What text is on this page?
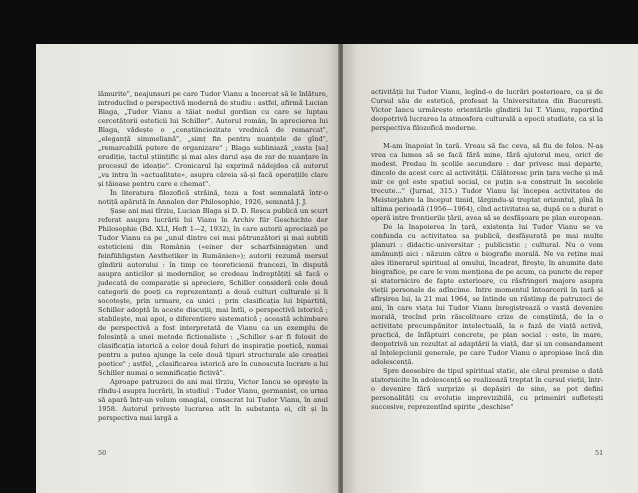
lămurite", neajunsuri pe care Tudor Vianu a încercat să le înlăture, introducînd o perspectivă modernă de studiu : astfel, afirmă Lucian Blaga, „Tudor Vianu a tăiat nodul gordian cu care se luptau cercetătorii esteticii lui Schiller". Autorul român, în aprecierea lui Blaga, vădește o „conștiinciozitate vrednică de remarcat", „eleganță simmeliană", „simț fin pentru nuanțele de gînd", „remarcabilă putere de organizare" ; Blaga subliniază „vasta [sa] erudiție, tactul științific și mai ales darul așa de rar de nuanțare în procesul de ideație". Cronicarul își exprimă nădejdea că autorul „va intra în «actualitate», asupra căreia să-și facă operațiile clare și tăioase pentru care e chemat".

În literatura filozofică străină, teza a fost semnalată într-o notiță apărută în Annalen der Philosophie, 1926, semnată J. J.

Șase ani mai tîrziu, Lucian Blaga și D. D. Roșca publică un scurt referat asupra lucrării lui Vianu în Archiv für Geschichte der Philosophie (Bd. XLI, Heft 1—2, 1932), în care autorii apreciază pe Tudor Vianu ca pe „unul dintre cei mai pătrunzători și mai subtili esteticieni din România («einer der scharfsinnigsten und feinfühligsten Aesthetiker in Rumänien»); autorii rezumă mersul gîndirii autorului : în timp ce teoreticienii francezi, în dispută asupra anticilor și modernilor, se credeau îndreptățiți să facă o judecată de comparație și apreciere, Schiller consideră cele două categorii de poeți ca reprezentanți a două culturi culturale și îi socotește, prin urmare, ca unici ; prin clasificația lui bipartită, Schiller adoptă în aceste discuții, mai întîi, o perspectivă istorică ; stabilește, mai apoi, o diferențiere sistematică ; această schimbare de perspectivă a fost interpretată de Vianu ca un exemplu de folosință a unei metode fictionaliste : „Schiller s-ar fi folosit de clasificația istorică a celor două feluri de inspirație poetică, numai pentru a putea ajunge la cele două tipuri structurale ale creației poetice" ; astfel, „clasificarea istorică are în cunoscuta lucrare a lui Schiller numai o semnificație fictivă".

Aproape patruzeci de ani mai tîrziu, Victor Iancu se oprește la rîndu-i asupra lucrării, în studiul : Tudor Vianu, germanist, ce urma să apară într-un volum omagial, consacrat lui Tudor Vianu, în anul 1958. Autorul privește lucrarea atît în substanța ei, cît și în perspectiva mai largă a

50

activității lui Tudor Vianu, legînd-o de lucrări posterioare, ca și de Cursul său de estetică, profesat la Universitatea din București. Victor Iancu urmărește orientările gîndirii lui T. Vianu, raportînd deopotrivă lucrarea la atmosfera culturală a epocii studiate, ca și la perspectiva filozofică moderne.

M-am înapoiat în țară. Vreau să fac ceva, să fiu de folos. N-aș vrea ca lumea să se facă fără mine, fără ajutorul meu, orict de modest. Predau în școlile secundare : dar privesc mai departe, dincolo de acest cerc al activității. Călătoresc prin țara veche și mă mir ce gol este spațiul social, ce puțin s-a construit în secolele trecute..." (Jurnal, 315.) Tudor Vianu își începea activitatea de Meisterjahre la început timid, lărgindu-și treptat orizontul, pînă în ultima perioadă (1956—1964), cînd activitatea sa, după ce a durat o operă intre frontierile țării, avea să se desfășoare pe plan european.

De la înapoierea în țară, existența lui Tudor Vianu se va confunda cu activitatea sa publică, desfășurată pe mai multe planuri : didactic-universitar ; publicistic ; cultural. Nu o vom amănunți aici : năzuim către o biografie morală. Ne va reține mai ales itinerarul spiritual al omului, încadrat, firește, în anumite date biografice, pe care le vom menționa de pe acum, ca puncte de reper și statornicire de fapte exterioare, cu răsfringeri majore asupra vieții personale de adîncime. Intre momentul întoarcerii în țară și sfîrșirea lui, la 21 mai 1964, se întinde un răstimp de patruzeci de ani, în care viața lui Tudor Vianu înregistrează o vastă devenire morală, trecînd prin răscolitoare crize de conștiință, de la o activitate precumpănitor intelectuală, la o fază de viață activă, practică, de înfăptuiri concrete, pe plan social : este, în mare, deopotrivă un rezultat al adaptării la viață, dar și un comandament al înțelepciunii generale, pe care Tudor Vianu o apropiase încă din adolescență.

Spre deosebire de tipul spiritual static, ale cărui premise o dată statornicite în adolescență se realizează treptat în cursul vieții, într-o devenire fără surprize și depășiri de sine, se pot defini personalități cu evoluție imprevizibilă, cu primeniri sufletești succesive, reprezentînd spirite „deschise"

51
